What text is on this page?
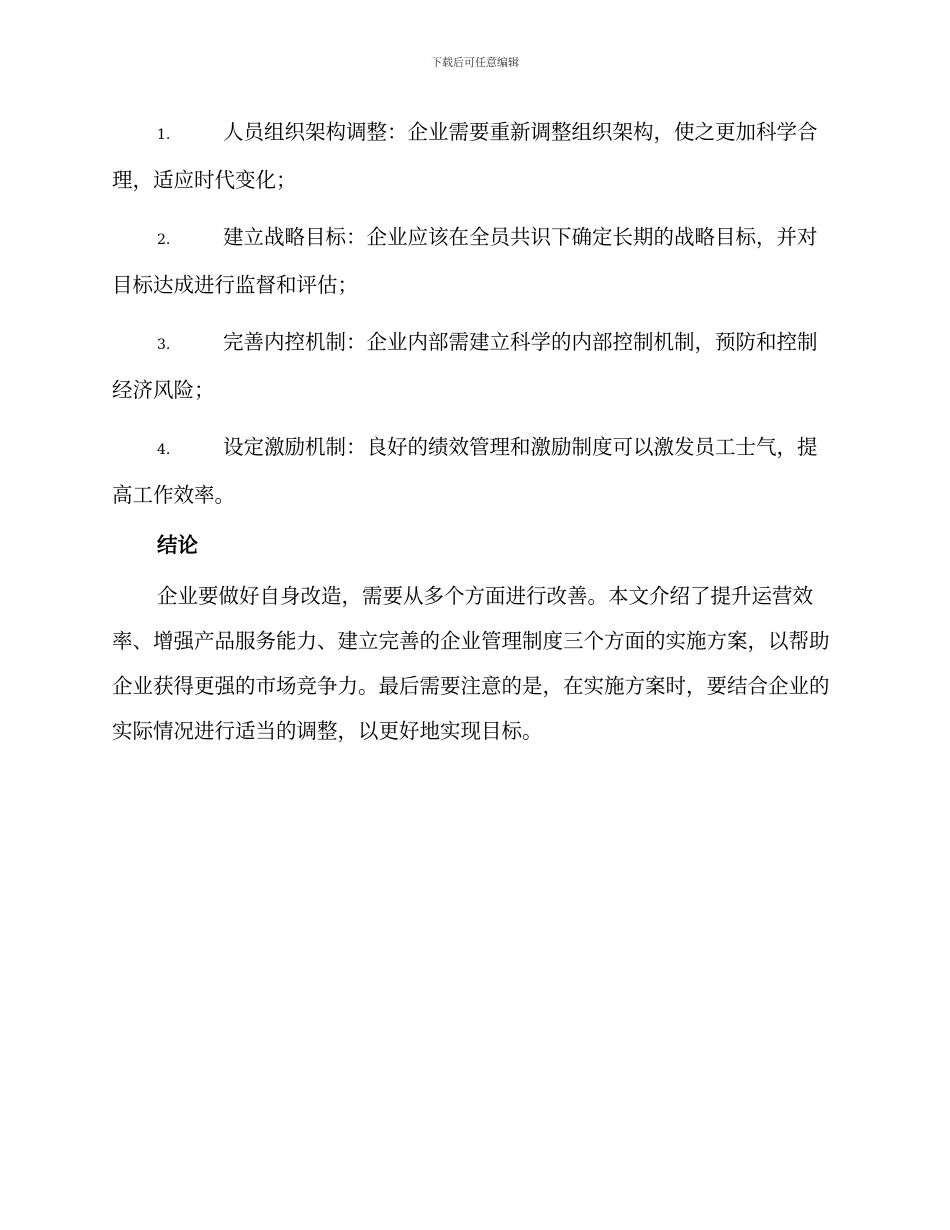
下载后可任意编辑
1.	人员组织架构调整：企业需要重新调整组织架构，使之更加科学合理，适应时代变化；
2.	建立战略目标：企业应该在全员共识下确定长期的战略目标，并对目标达成进行监督和评估；
3.	完善内控机制：企业内部需建立科学的内部控制机制，预防和控制经济风险；
4.	设定激励机制：良好的绩效管理和激励制度可以激发员工士气，提高工作效率。
结论

企业要做好自身改造，需要从多个方面进行改善。本文介绍了提升运营效率、增强产品服务能力、建立完善的企业管理制度三个方面的实施方案，以帮助企业获得更强的市场竞争力。最后需要注意的是，在实施方案时，要结合企业的实际情况进行适当的调整，以更好地实现目标。
